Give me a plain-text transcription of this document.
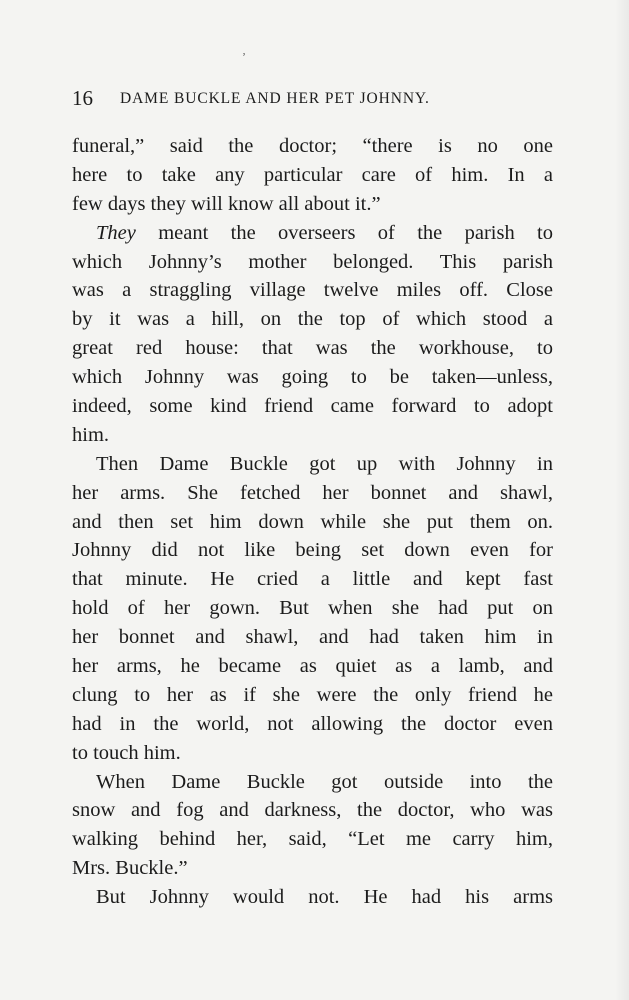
ʼ
16 DAME BUCKLE AND HER PET JOHNNY.
funeral,” said the doctor; “there is no one
here to take any particular care of him. In a
few days they will know all about it.”
They meant the overseers of the parish to
which Johnny’s mother belonged. This parish
was a straggling village twelve miles off. Close
by it was a hill, on the top of which stood a
great red house: that was the workhouse, to
which Johnny was going to be taken—unless,
indeed, some kind friend came forward to adopt
him.
Then Dame Buckle got up with Johnny in
her arms. She fetched her bonnet and shawl,
and then set him down while she put them on.
Johnny did not like being set down even for
that minute. He cried a little and kept fast
hold of her gown. But when she had put on
her bonnet and shawl, and had taken him in
her arms, he became as quiet as a lamb, and
clung to her as if she were the only friend he
had in the world, not allowing the doctor even
to touch him.
When Dame Buckle got outside into the
snow and fog and darkness, the doctor, who was
walking behind her, said, “Let me carry him,
Mrs. Buckle.”
But Johnny would not. He had his arms
